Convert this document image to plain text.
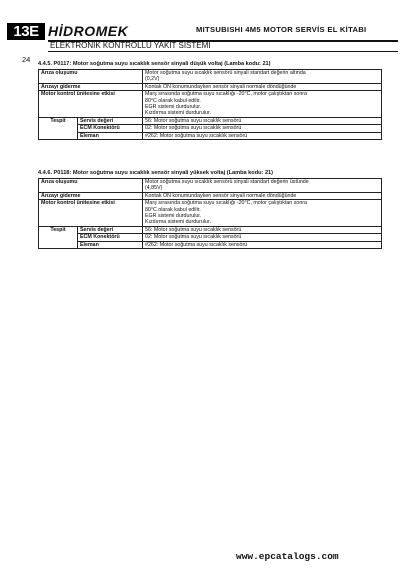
13E HİDROMEK	MITSUBISHI 4M5 MOTOR SERVİS EL KİTABI
ELEKTRONİK KONTROLLÜ YAKIT SİSTEMİ
24 4.4.5. P0117: Motor soğutma suyu sıcaklık sensör sinyali düşük voltaj (Lamba kodu: 21)
Arıza oluşumu		Motor soğutma suyu sıcaklık sensörü sinyali standart değerin altında
(0,2V)

Arızayı giderme		Kontak ON konumundayken sensör sinyali normale döndüğünde
Motor kontrol ünitesine etkisi		Marş sırasında soğutma suyu sıcaklığı -20°C, motor çalıştıktan sonra
80°C olarak kabul edilir.
EGR sistemi durdurulur.
Kızdırma sistemi durdurulur.

Tespit	Servis değeri	56: Motor soğutma suyu sıcaklık sensörü
	ECM Konektörü	02: Motor soğutma suyu sıcaklık sensörü
	Eleman	#262: Motor soğutma suyu sıcaklık sensörü
4.4.6. P0118: Motor soğutma suyu sıcaklık sensör sinyali yüksek voltaj (Lamba kodu: 21)
Arıza oluşumu		Motor soğutma suyu sıcaklık sensörü sinyali standart değerin üstünde
(4,85V)

Arızayı giderme		Kontak ON konumundayken sensör sinyali normale döndüğünde
Motor kontrol ünitesine etkisi		Marş sırasında soğutma suyu sıcaklığı -20°C, motor çalıştıktan sonra
80°C olarak kabul edilir.
EGR sistemi durdurulur.
Kızdırma sistemi durdurulur.

Tespit	Servis değeri	56: Motor soğutma suyu sıcaklık sensörü
	ECM Konektörü	02: Motor soğutma suyu sıcaklık sensörü
	Eleman	#262: Motor soğutma suyu sıcaklık sensörü
www.epcatalogs.com
